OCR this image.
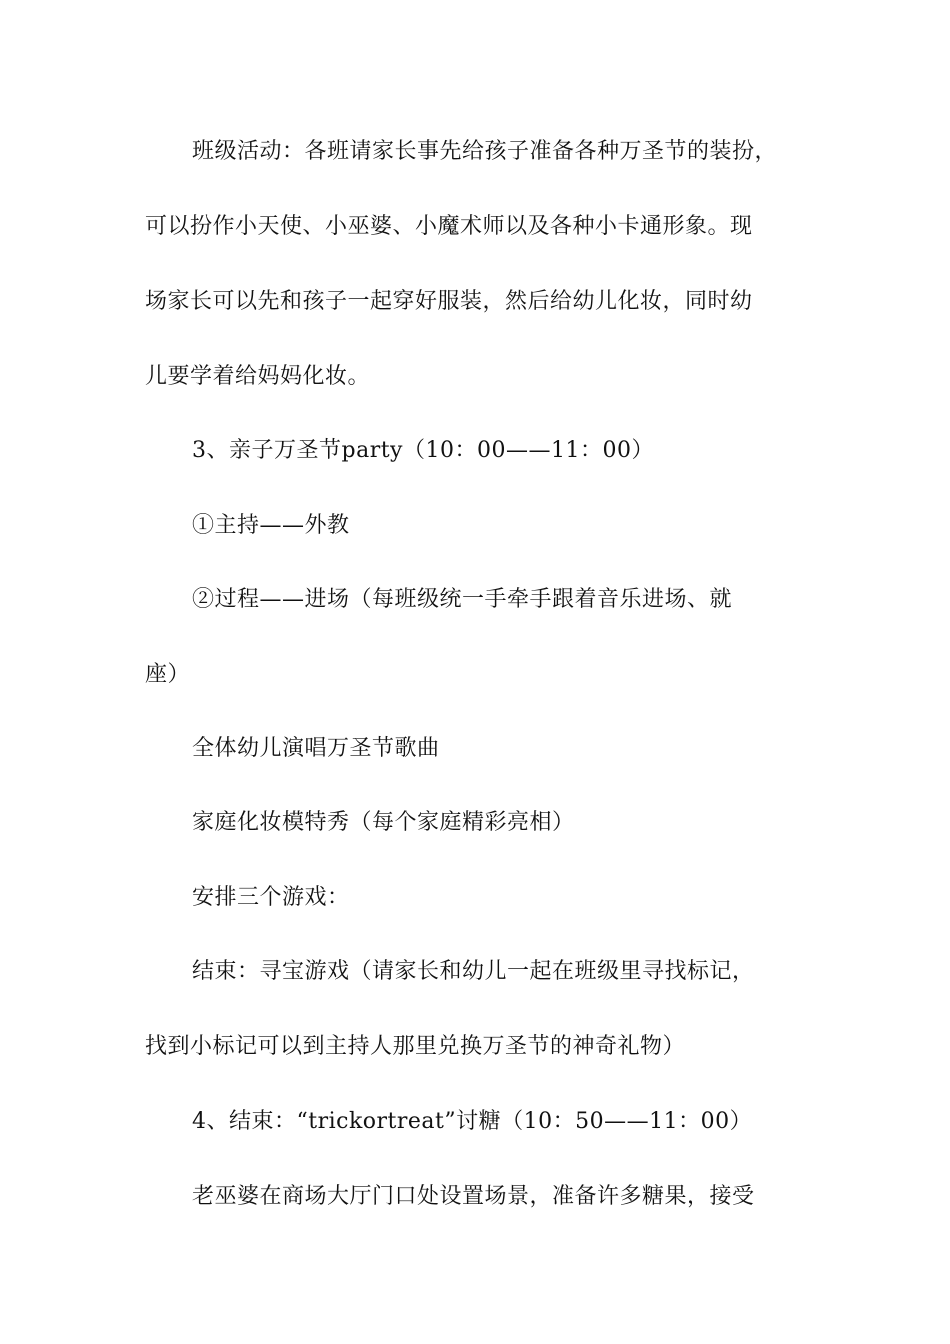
班级活动：各班请家长事先给孩子准备各种万圣节的装扮，
可以扮作小天使、小巫婆、小魔术师以及各种小卡通形象。现
场家长可以先和孩子一起穿好服装，然后给幼儿化妆，同时幼
儿要学着给妈妈化妆。
3、亲子万圣节party（10：00——11：00）
①主持——外教
②过程——进场（每班级统一手牵手跟着音乐进场、就
座）
全体幼儿演唱万圣节歌曲
家庭化妆模特秀（每个家庭精彩亮相）
安排三个游戏：
结束：寻宝游戏（请家长和幼儿一起在班级里寻找标记，
找到小标记可以到主持人那里兑换万圣节的神奇礼物）
4、结束：“trickortreat”讨糖（10：50——11：00）
老巫婆在商场大厅门口处设置场景，准备许多糖果，接受
